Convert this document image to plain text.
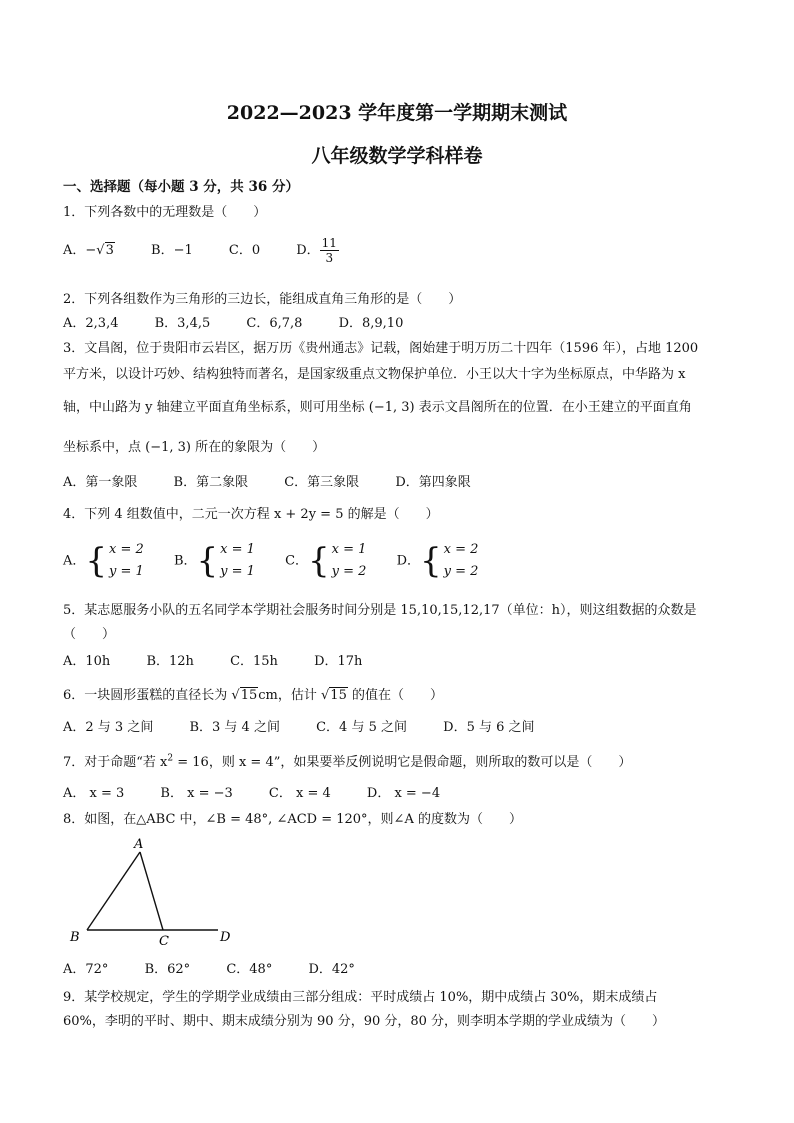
2022—2023 学年度第一学期期末测试
八年级数学学科样卷
一、选择题（每小题 3 分，共 36 分）
1．下列各数中的无理数是（　　）
A．−√3	B．−1	C．0	D． $\frac{11}{3}$
2．下列各组数作为三角形的三边长，能组成直角三角形的是（　　）
A．2,3,4	B．3,4,5	C．6,7,8	D．8,9,10
3．文昌阁，位于贵阳市云岩区，据万历《贵州通志》记载，阁始建于明万历二十四年（1596 年），占地 1200
平方米，以设计巧妙、结构独特而著名，是国家级重点文物保护单位．小王以大十字为坐标原点，中华路为 x
轴，中山路为 y 轴建立平面直角坐标系，则可用坐标 (−1, 3) 表示文昌阁所在的位置．在小王建立的平面直角
坐标系中，点 (−1, 3) 所在的象限为（　　）
A．第一象限	B．第二象限	C．第三象限	D．第四象限
4．下列 4 组数值中，二元一次方程 x + 2y = 5 的解是（　　）
A． { x = 2
y = 1
B． { x = 1
y = 1
C． { x = 1
y = 2
D． { x = 2
y = 2
5．某志愿服务小队的五名同学本学期社会服务时间分别是 15,10,15,12,17（单位：h），则这组数据的众数是
（　　）
A．10h	B．12h	C．15h	D．17h
6．一块圆形蛋糕的直径长为 √15cm，估计 √15 的值在（　　）
A．2 与 3 之间	B．3 与 4 之间	C．4 与 5 之间	D．5 与 6 之间
7．对于命题“若 $x^2 = 16$，则 x = 4”，如果要举反例说明它是假命题，则所取的数可以是（　　）
A． x = 3	B． x = −3	C． x = 4	D． x = −4
8．如图，在△ABC 中，∠B = 48°, ∠ACD = 120°，则∠A 的度数为（　　）
A
B	C	D
A．72°	B．62°	C．48°	D．42°
9．某学校规定，学生的学期学业成绩由三部分组成：平时成绩占 10%，期中成绩占 30%，期末成绩占
60%，李明的平时、期中、期末成绩分别为 90 分，90 分，80 分，则李明本学期的学业成绩为（　　）
